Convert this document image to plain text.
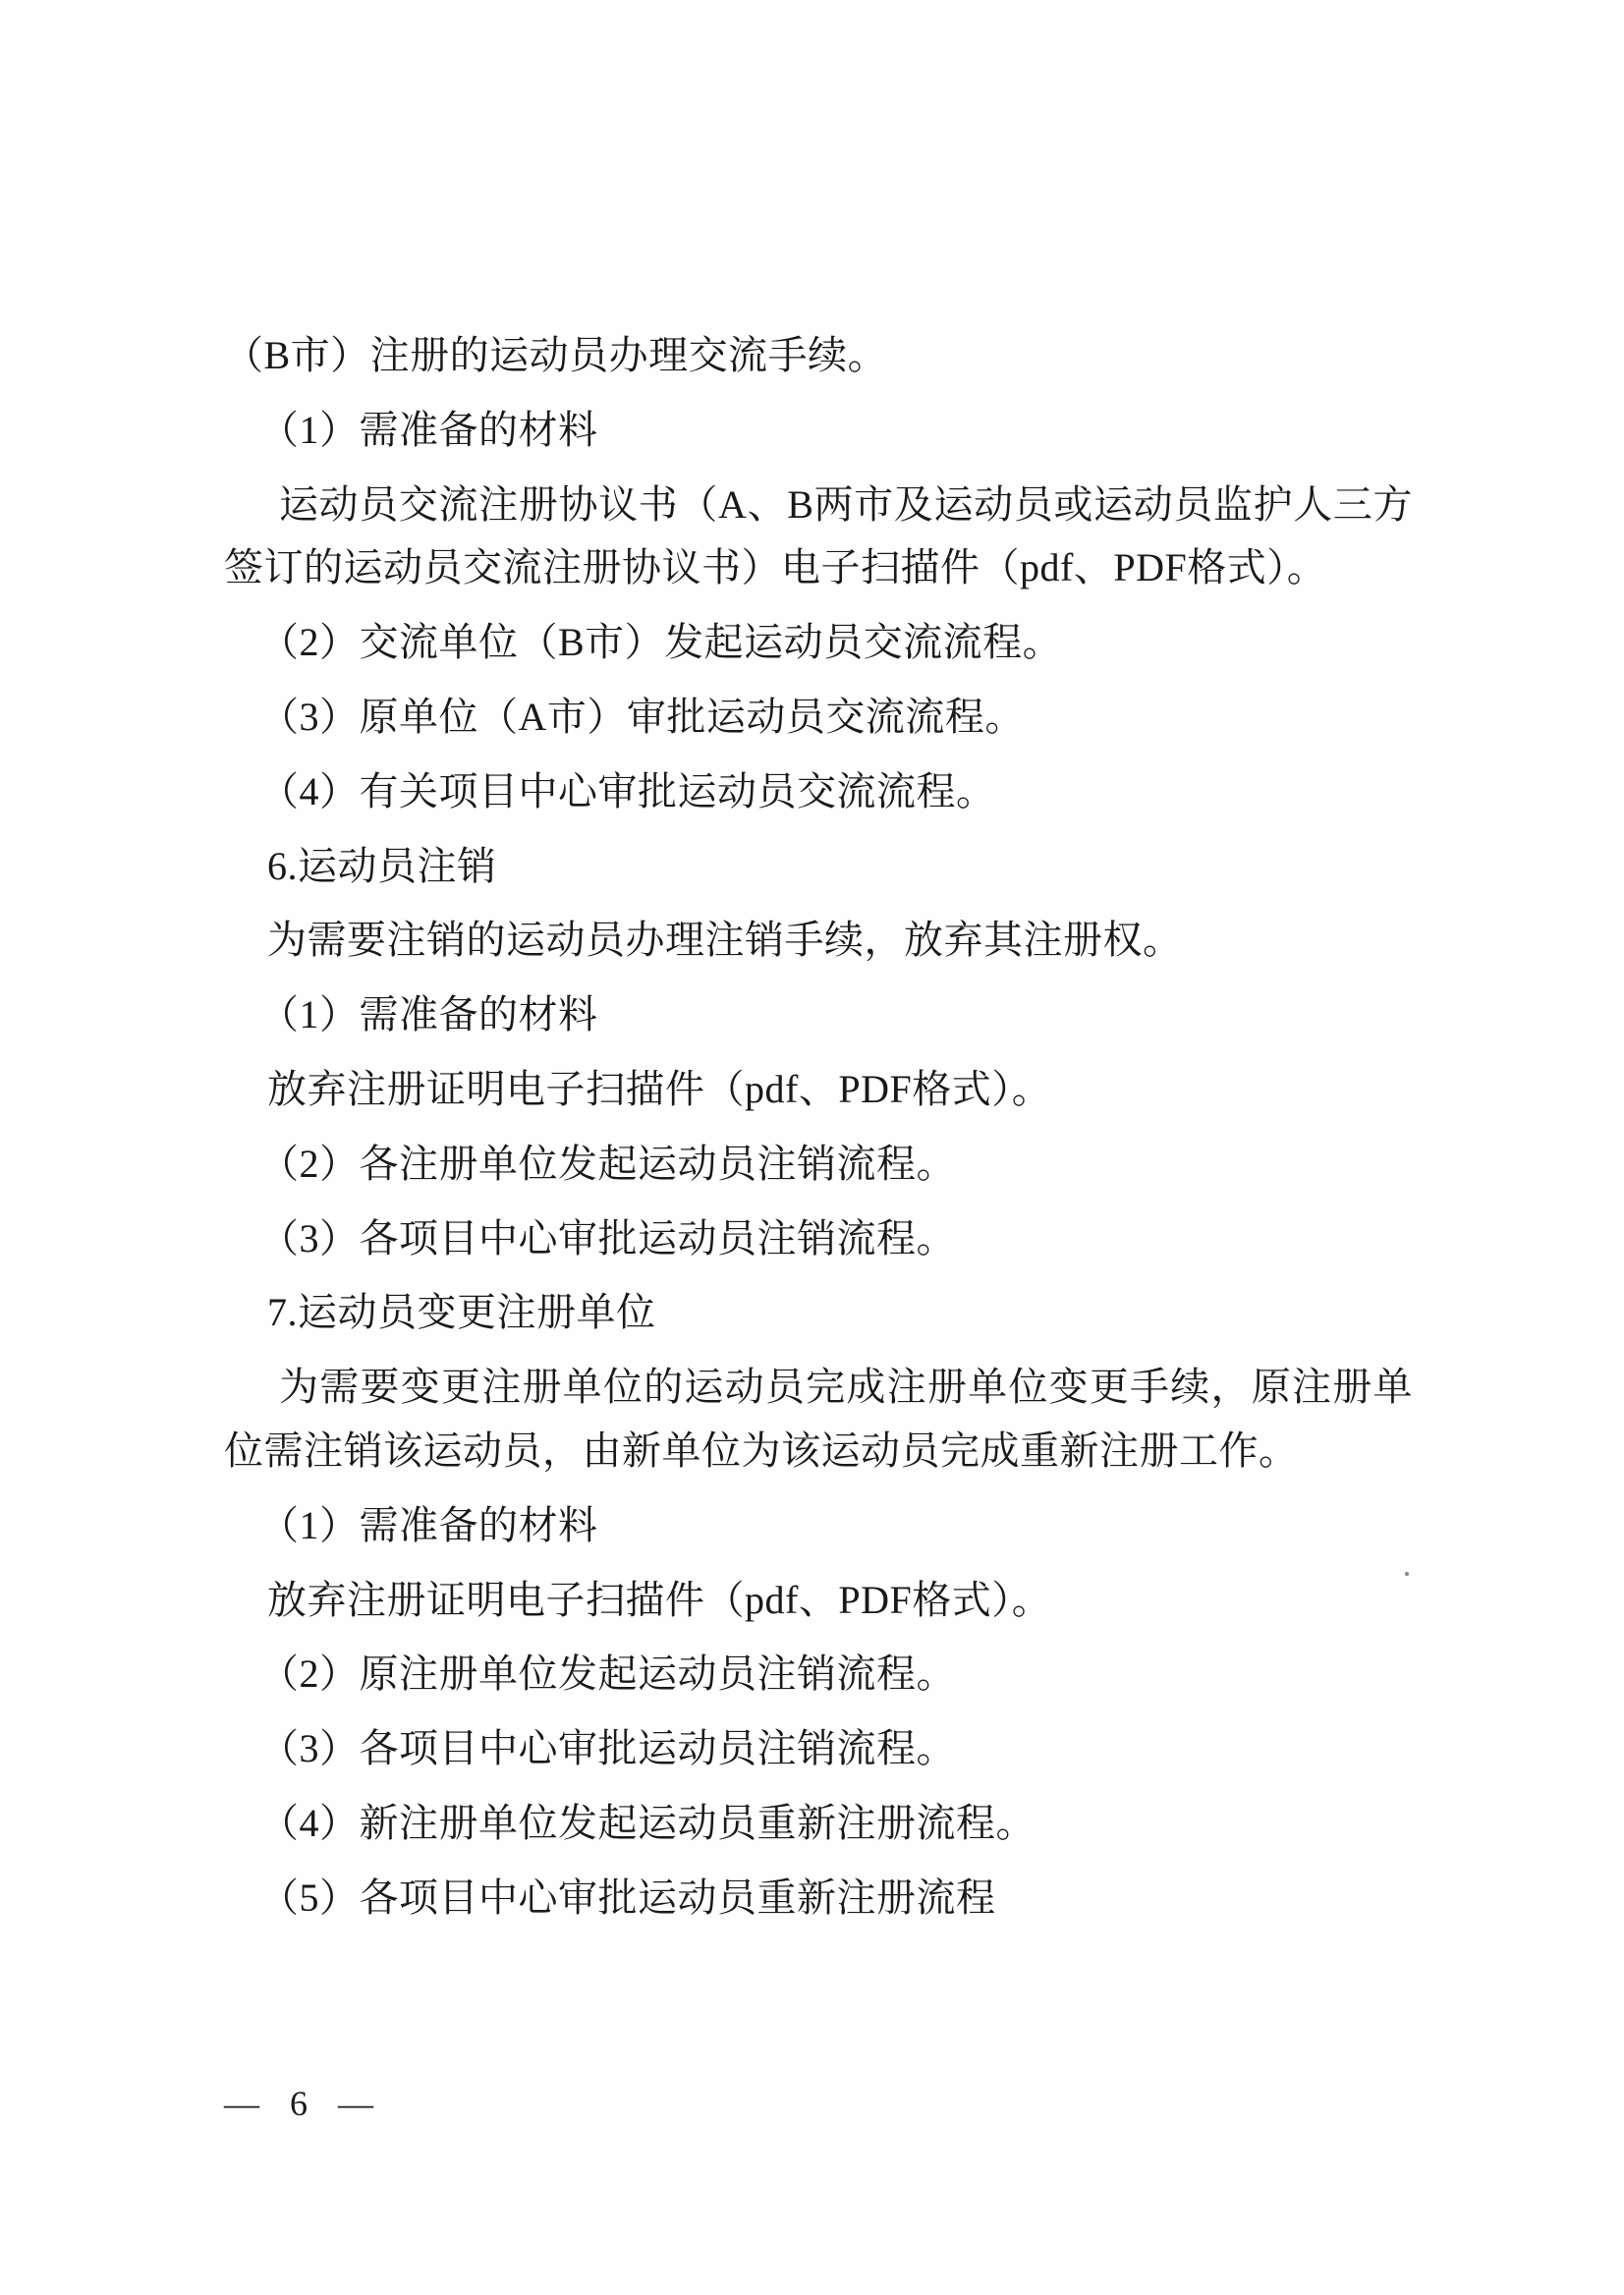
（B市）注册的运动员办理交流手续。

（1）需准备的材料

运动员交流注册协议书（A、B两市及运动员或运动员监护人三方签订的运动员交流注册协议书）电子扫描件（pdf、PDF格式）。

（2）交流单位（B市）发起运动员交流流程。

（3）原单位（A市）审批运动员交流流程。

（4）有关项目中心审批运动员交流流程。

6.运动员注销

为需要注销的运动员办理注销手续，放弃其注册权。

（1）需准备的材料

放弃注册证明电子扫描件（pdf、PDF格式）。

（2）各注册单位发起运动员注销流程。

（3）各项目中心审批运动员注销流程。

7.运动员变更注册单位

为需要变更注册单位的运动员完成注册单位变更手续，原注册单位需注销该运动员，由新单位为该运动员完成重新注册工作。

（1）需准备的材料

放弃注册证明电子扫描件（pdf、PDF格式）。

（2）原注册单位发起运动员注销流程。

（3）各项目中心审批运动员注销流程。

（4）新注册单位发起运动员重新注册流程。

（5）各项目中心审批运动员重新注册流程

— 6 —
